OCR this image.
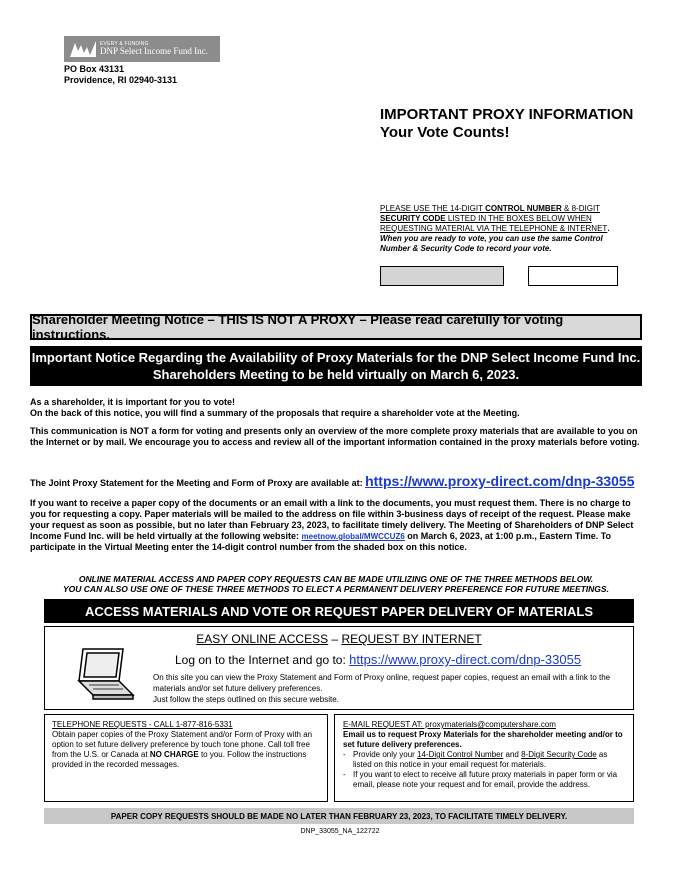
EVERY & FUNDING
DNP Select Income Fund Inc.
PO Box 43131
Providence, RI 02940-3131
IMPORTANT PROXY INFORMATION
Your Vote Counts!
PLEASE USE THE 14-DIGIT CONTROL NUMBER & 8-DIGIT SECURITY CODE LISTED IN THE BOXES BELOW WHEN REQUESTING MATERIAL VIA THE TELEPHONE & INTERNET.
When you are ready to vote, you can use the same Control Number & Security Code to record your vote.
Shareholder Meeting Notice – THIS IS NOT A PROXY – Please read carefully for voting instructions.
Important Notice Regarding the Availability of Proxy Materials for the DNP Select Income Fund Inc.
Shareholders Meeting to be held virtually on March 6, 2023.
As a shareholder, it is important for you to vote!
On the back of this notice, you will find a summary of the proposals that require a shareholder vote at the Meeting.
This communication is NOT a form for voting and presents only an overview of the more complete proxy materials that are available to you on the Internet or by mail. We encourage you to access and review all of the important information contained in the proxy materials before voting.
The Joint Proxy Statement for the Meeting and Form of Proxy are available at: https://www.proxy-direct.com/dnp-33055
If you want to receive a paper copy of the documents or an email with a link to the documents, you must request them. There is no charge to you for requesting a copy. Paper materials will be mailed to the address on file within 3-business days of receipt of the request. Please make your request as soon as possible, but no later than February 23, 2023, to facilitate timely delivery. The Meeting of Shareholders of DNP Select Income Fund Inc. will be held virtually at the following website: meetnow.global/MWCCUZ6 on March 6, 2023, at 1:00 p.m., Eastern Time. To participate in the Virtual Meeting enter the 14-digit control number from the shaded box on this notice.
ONLINE MATERIAL ACCESS AND PAPER COPY REQUESTS CAN BE MADE UTILIZING ONE OF THE THREE METHODS BELOW.
YOU CAN ALSO USE ONE OF THESE THREE METHODS TO ELECT A PERMANENT DELIVERY PREFERENCE FOR FUTURE MEETINGS.
ACCESS MATERIALS AND VOTE OR REQUEST PAPER DELIVERY OF MATERIALS
EASY ONLINE ACCESS – REQUEST BY INTERNET
Log on to the Internet and go to: https://www.proxy-direct.com/dnp-33055
On this site you can view the Proxy Statement and Form of Proxy online, request paper copies, request an email with a link to the materials and/or set future delivery preferences.
Just follow the steps outlined on this secure website.
TELEPHONE REQUESTS - CALL 1-877-816-5331
Obtain paper copies of the Proxy Statement and/or Form of Proxy with an option to set future delivery preference by touch tone phone. Call toll free from the U.S. or Canada at NO CHARGE to you. Follow the instructions provided in the recorded messages.
E-MAIL REQUEST AT: proxymaterials@computershare.com
Email us to request Proxy Materials for the shareholder meeting and/or to set future delivery preferences.
- Provide only your 14-Digit Control Number and 8-Digit Security Code as listed on this notice in your email request for materials.
- If you want to elect to receive all future proxy materials in paper form or via email, please note your request and for email, provide the address.
PAPER COPY REQUESTS SHOULD BE MADE NO LATER THAN FEBRUARY 23, 2023, TO FACILITATE TIMELY DELIVERY.
DNP_33055_NA_122722
